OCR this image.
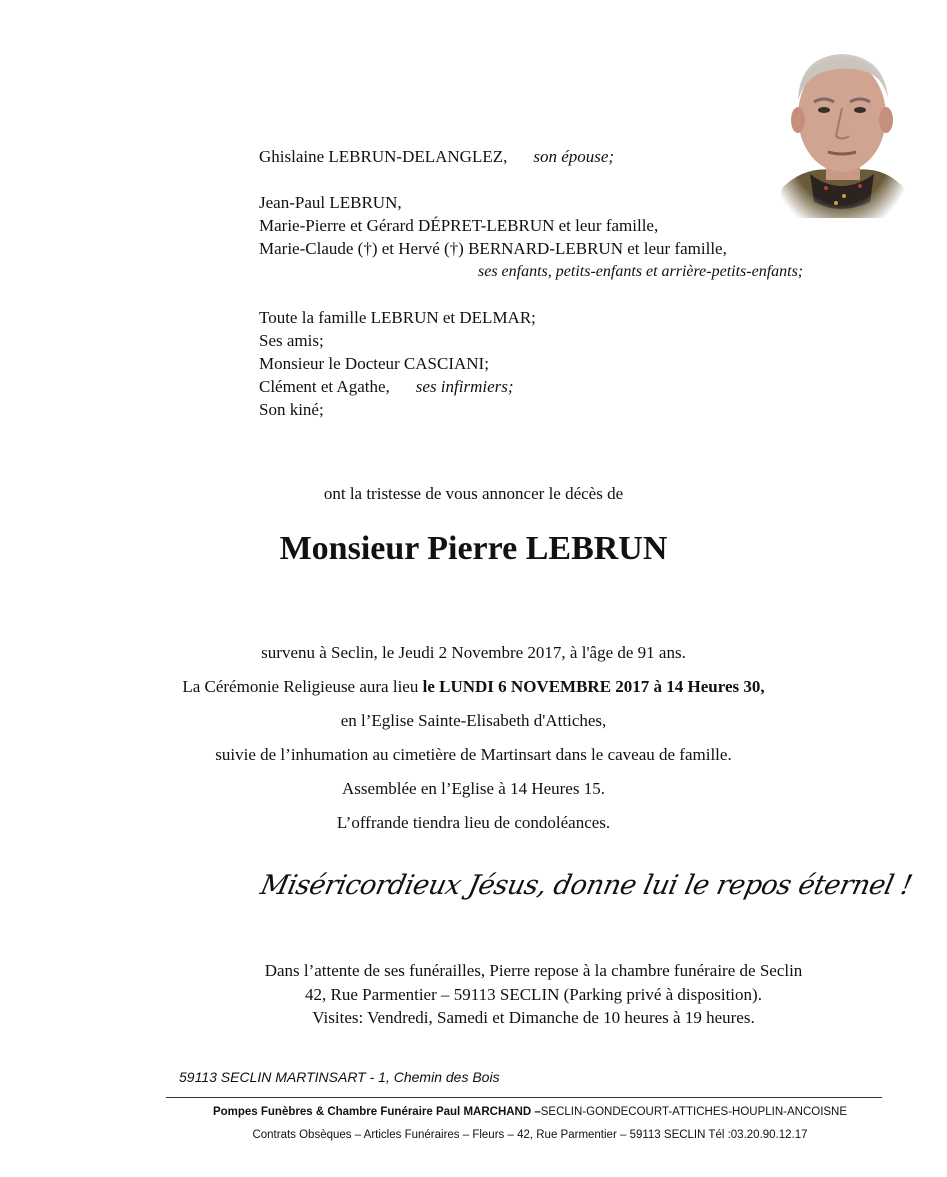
Ghislaine LEBRUN-DELANGLEZ, son épouse;
Jean-Paul LEBRUN,
Marie-Pierre et Gérard DÉPRET-LEBRUN et leur famille,
Marie-Claude (†) et Hervé (†) BERNARD-LEBRUN et leur famille,
ses enfants, petits-enfants et arrière-petits-enfants;
Toute la famille LEBRUN et DELMAR;
Ses amis;
Monsieur le Docteur CASCIANI;
Clément et Agathe, ses infirmiers;
Son kiné;
ont la tristesse de vous annoncer le décès de
Monsieur Pierre LEBRUN
survenu à Seclin, le Jeudi 2 Novembre 2017, à l'âge de 91 ans.
La Cérémonie Religieuse aura lieu le LUNDI 6 NOVEMBRE 2017 à 14 Heures 30,
en l’Eglise Sainte-Elisabeth d'Attiches,
suivie de l’inhumation au cimetière de Martinsart dans le caveau de famille.
Assemblée en l’Eglise à 14 Heures 15.
L’offrande tiendra lieu de condoléances.
Miséricordieux Jésus, donne lui le repos éternel !
Dans l’attente de ses funérailles, Pierre repose à la chambre funéraire de Seclin
42, Rue Parmentier – 59113 SECLIN (Parking privé à disposition).
Visites: Vendredi, Samedi et Dimanche de 10 heures à 19 heures.
59113 SECLIN MARTINSART - 1, Chemin des Bois
Pompes Funèbres & Chambre Funéraire Paul MARCHAND –SECLIN-GONDECOURT-ATTICHES-HOUPLIN-ANCOISNE
Contrats Obsèques – Articles Funéraires – Fleurs – 42, Rue Parmentier – 59113 SECLIN Tél :03.20.90.12.17
